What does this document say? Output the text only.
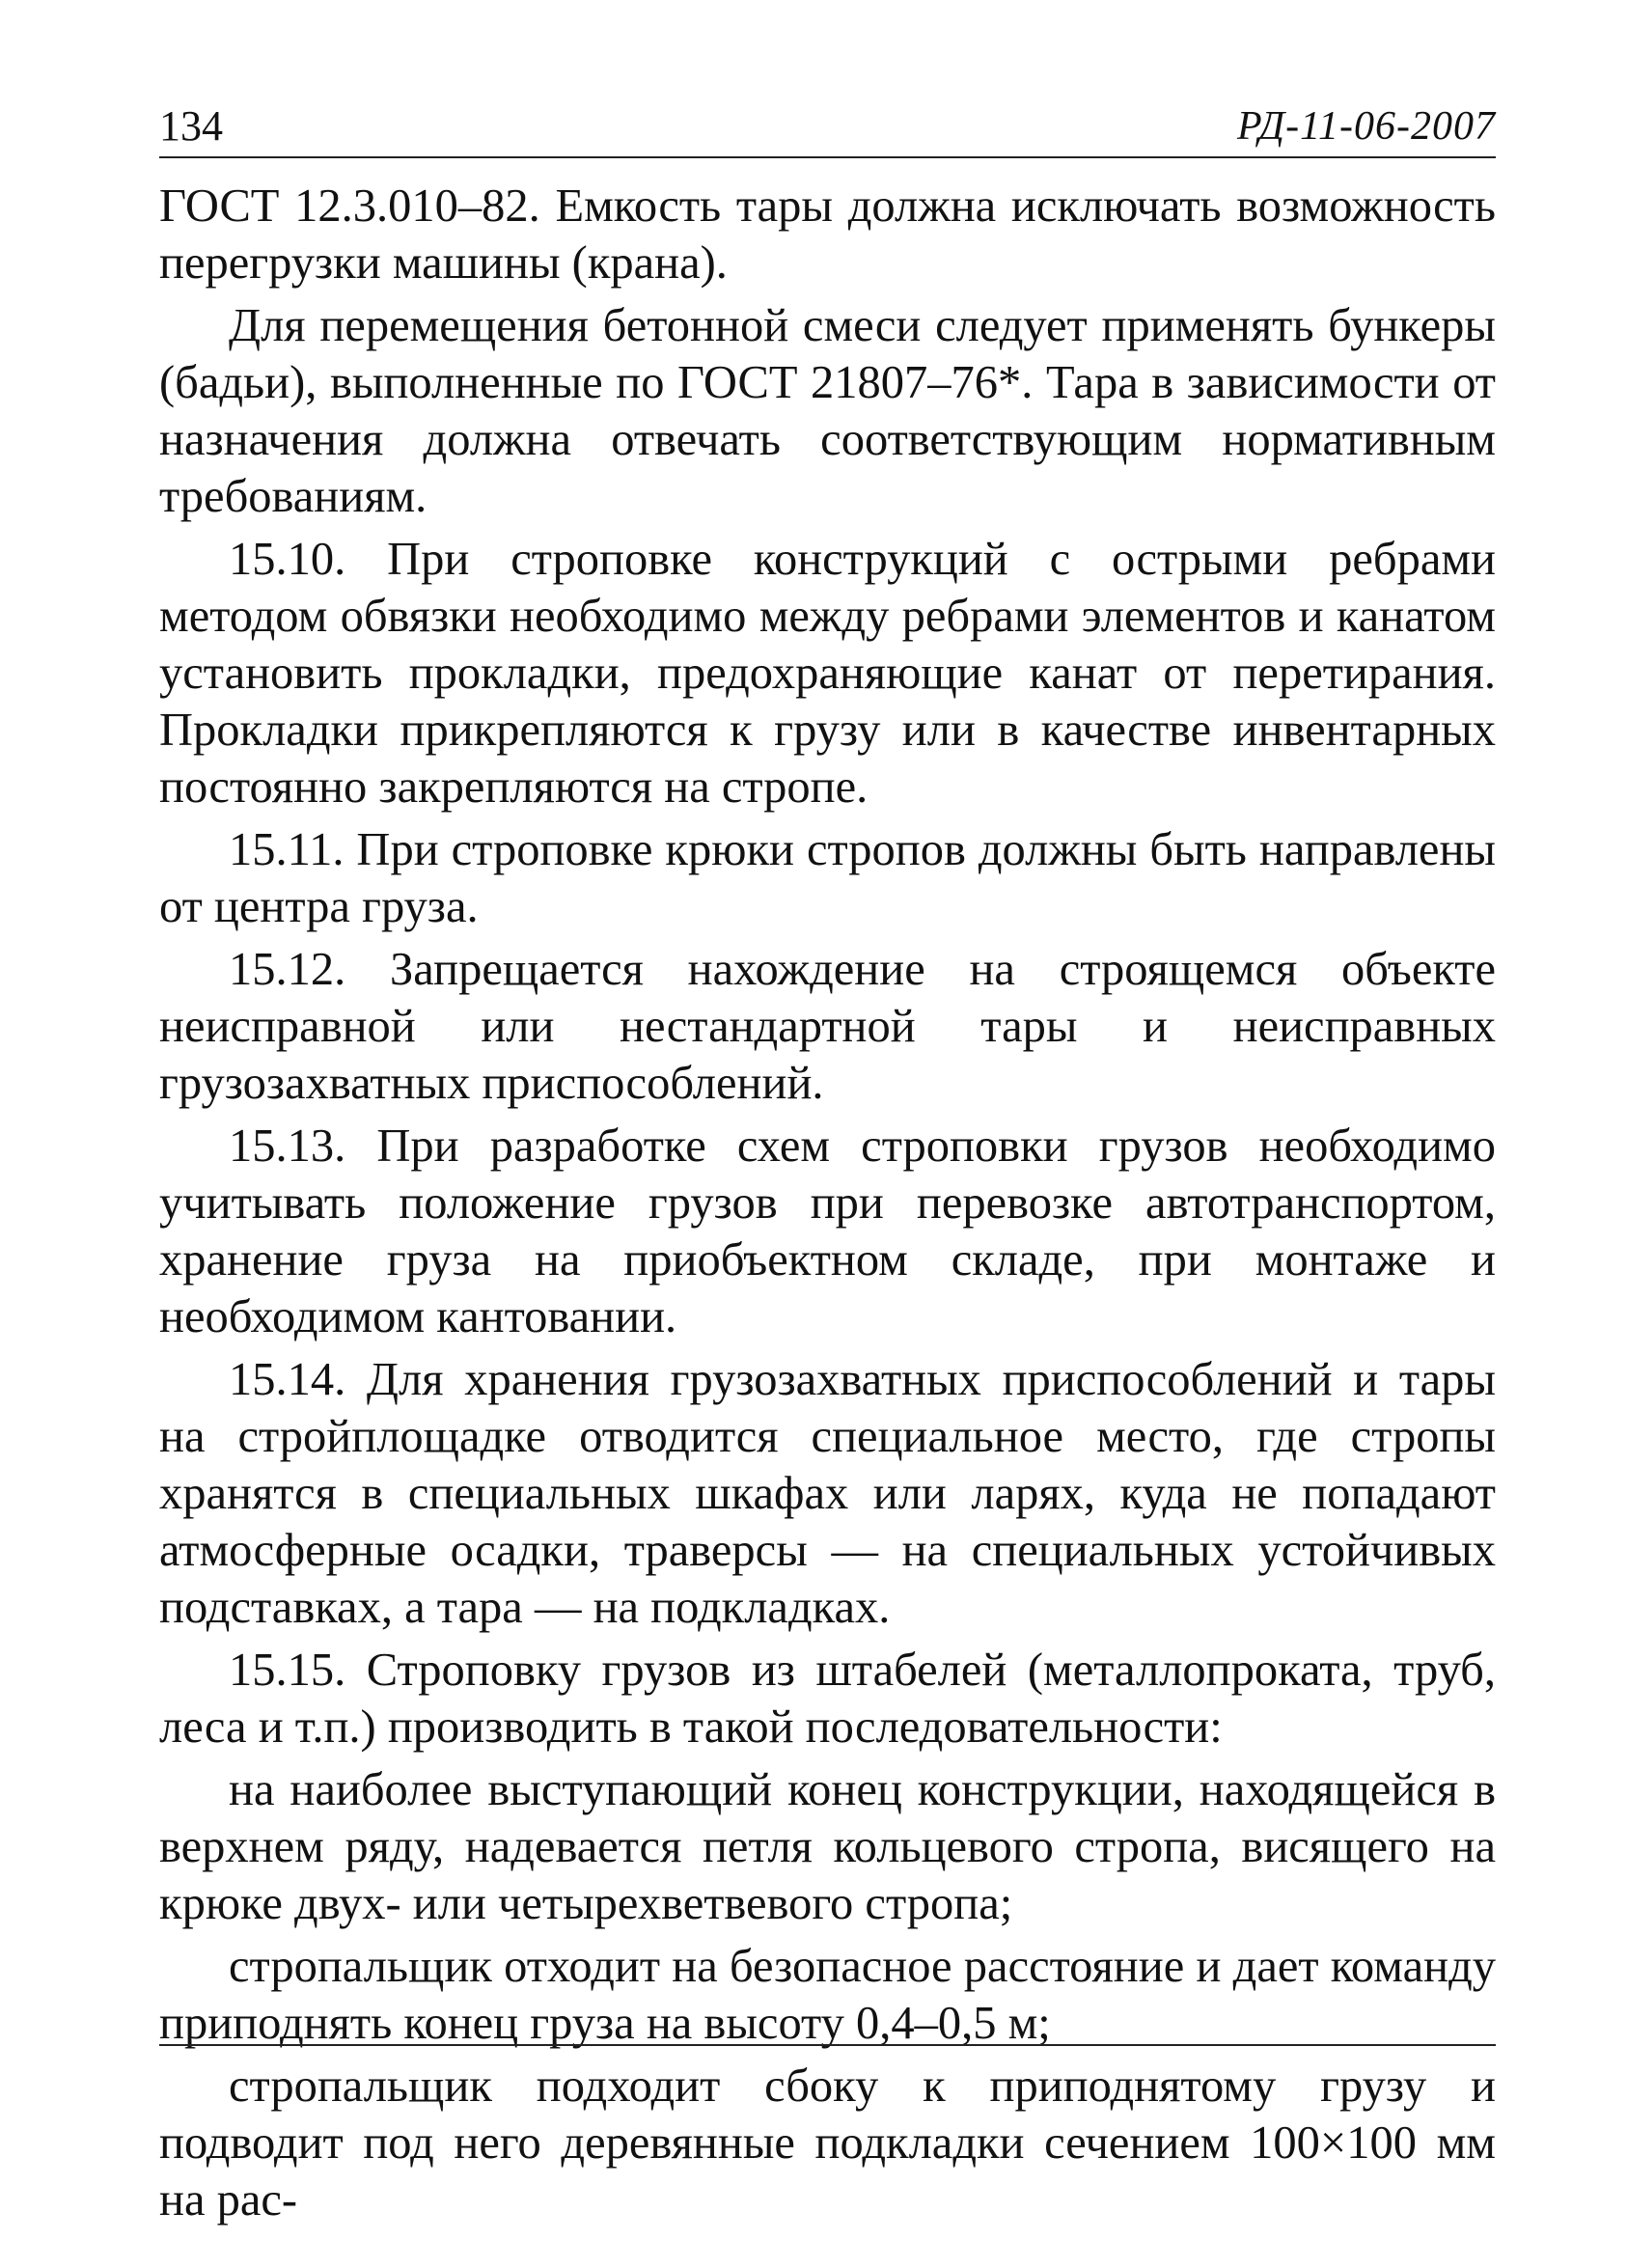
134	РД-11-06-2007

ГОСТ 12.3.010–82. Емкость тары должна исключать возможность перегрузки машины (крана).

Для перемещения бетонной смеси следует применять бункеры (бадьи), выполненные по ГОСТ 21807–76*. Тара в зависимости от назначения должна отвечать соответствующим нормативным требованиям.

15.10. При строповке конструкций с острыми ребрами методом обвязки необходимо между ребрами элементов и канатом установить прокладки, предохраняющие канат от перетирания. Прокладки прикрепляются к грузу или в качестве инвентарных постоянно закрепляются на стропе.

15.11. При строповке крюки стропов должны быть направлены от центра груза.

15.12. Запрещается нахождение на строящемся объекте неисправной или нестандартной тары и неисправных грузозахватных приспособлений.

15.13. При разработке схем строповки грузов необходимо учитывать положение грузов при перевозке автотранспортом, хранение груза на приобъектном складе, при монтаже и необходимом кантовании.

15.14. Для хранения грузозахватных приспособлений и тары на стройплощадке отводится специальное место, где стропы хранятся в специальных шкафах или ларях, куда не попадают атмосферные осадки, траверсы — на специальных устойчивых подставках, а тара — на подкладках.

15.15. Строповку грузов из штабелей (металлопроката, труб, леса и т.п.) производить в такой последовательности:

на наиболее выступающий конец конструкции, находящейся в верхнем ряду, надевается петля кольцевого стропа, висящего на крюке двух- или четырехветвевого стропа;

стропальщик отходит на безопасное расстояние и дает команду приподнять конец груза на высоту 0,4–0,5 м;

стропальщик подходит сбоку к приподнятому грузу и подводит под него деревянные подкладки сечением 100×100 мм на рас-
